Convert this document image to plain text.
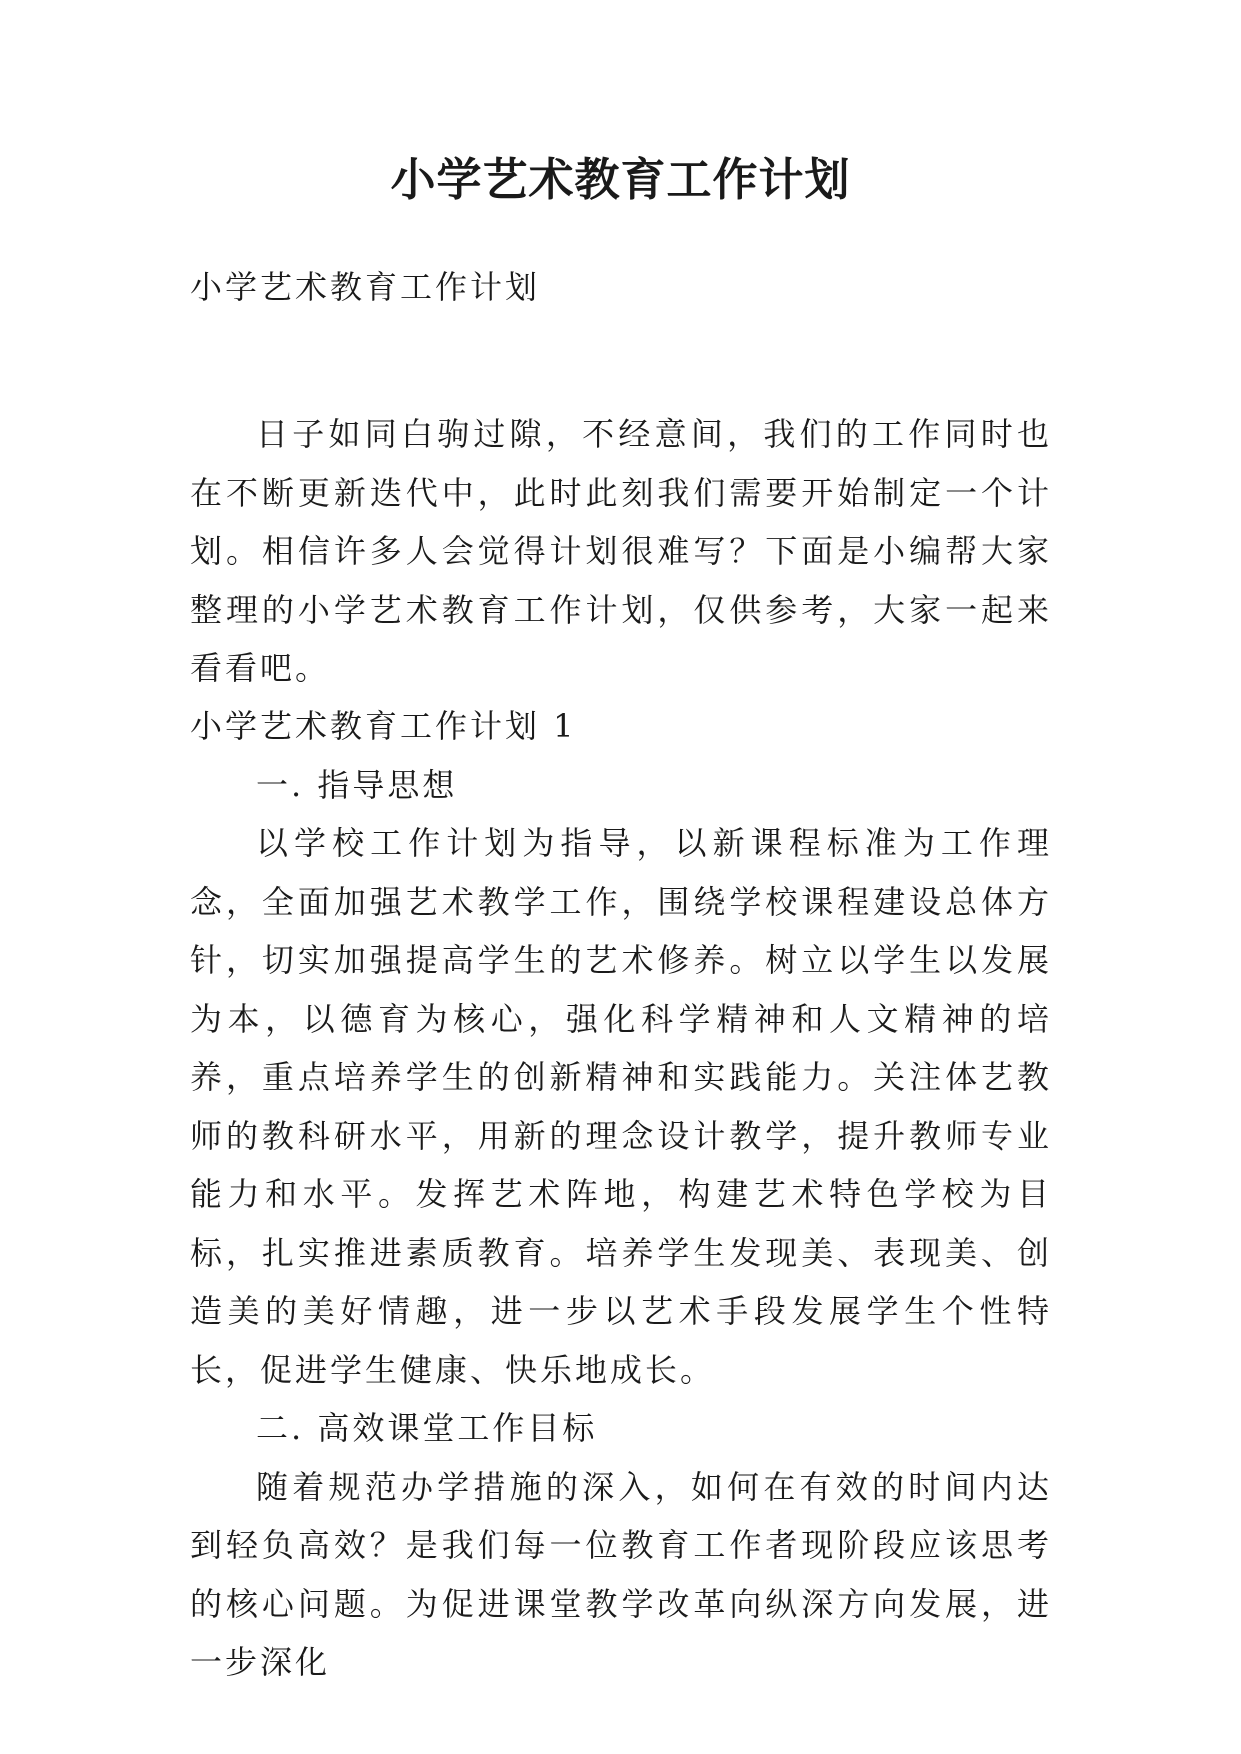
小学艺术教育工作计划

小学艺术教育工作计划

日子如同白驹过隙，不经意间，我们的工作同时也在不断更新迭代中，此时此刻我们需要开始制定一个计划。相信许多人会觉得计划很难写？下面是小编帮大家整理的小学艺术教育工作计划，仅供参考，大家一起来看看吧。

小学艺术教育工作计划 1

一. 指导思想

以学校工作计划为指导，以新课程标准为工作理念，全面加强艺术教学工作，围绕学校课程建设总体方针，切实加强提高学生的艺术修养。树立以学生以发展为本，以德育为核心，强化科学精神和人文精神的培养，重点培养学生的创新精神和实践能力。关注体艺教师的教科研水平，用新的理念设计教学，提升教师专业能力和水平。发挥艺术阵地，构建艺术特色学校为目标，扎实推进素质教育。培养学生发现美、表现美、创造美的美好情趣，进一步以艺术手段发展学生个性特长，促进学生健康、快乐地成长。

二. 高效课堂工作目标

随着规范办学措施的深入，如何在有效的时间内达到轻负高效？是我们每一位教育工作者现阶段应该思考的核心问题。为促进课堂教学改革向纵深方向发展，进一步深化
